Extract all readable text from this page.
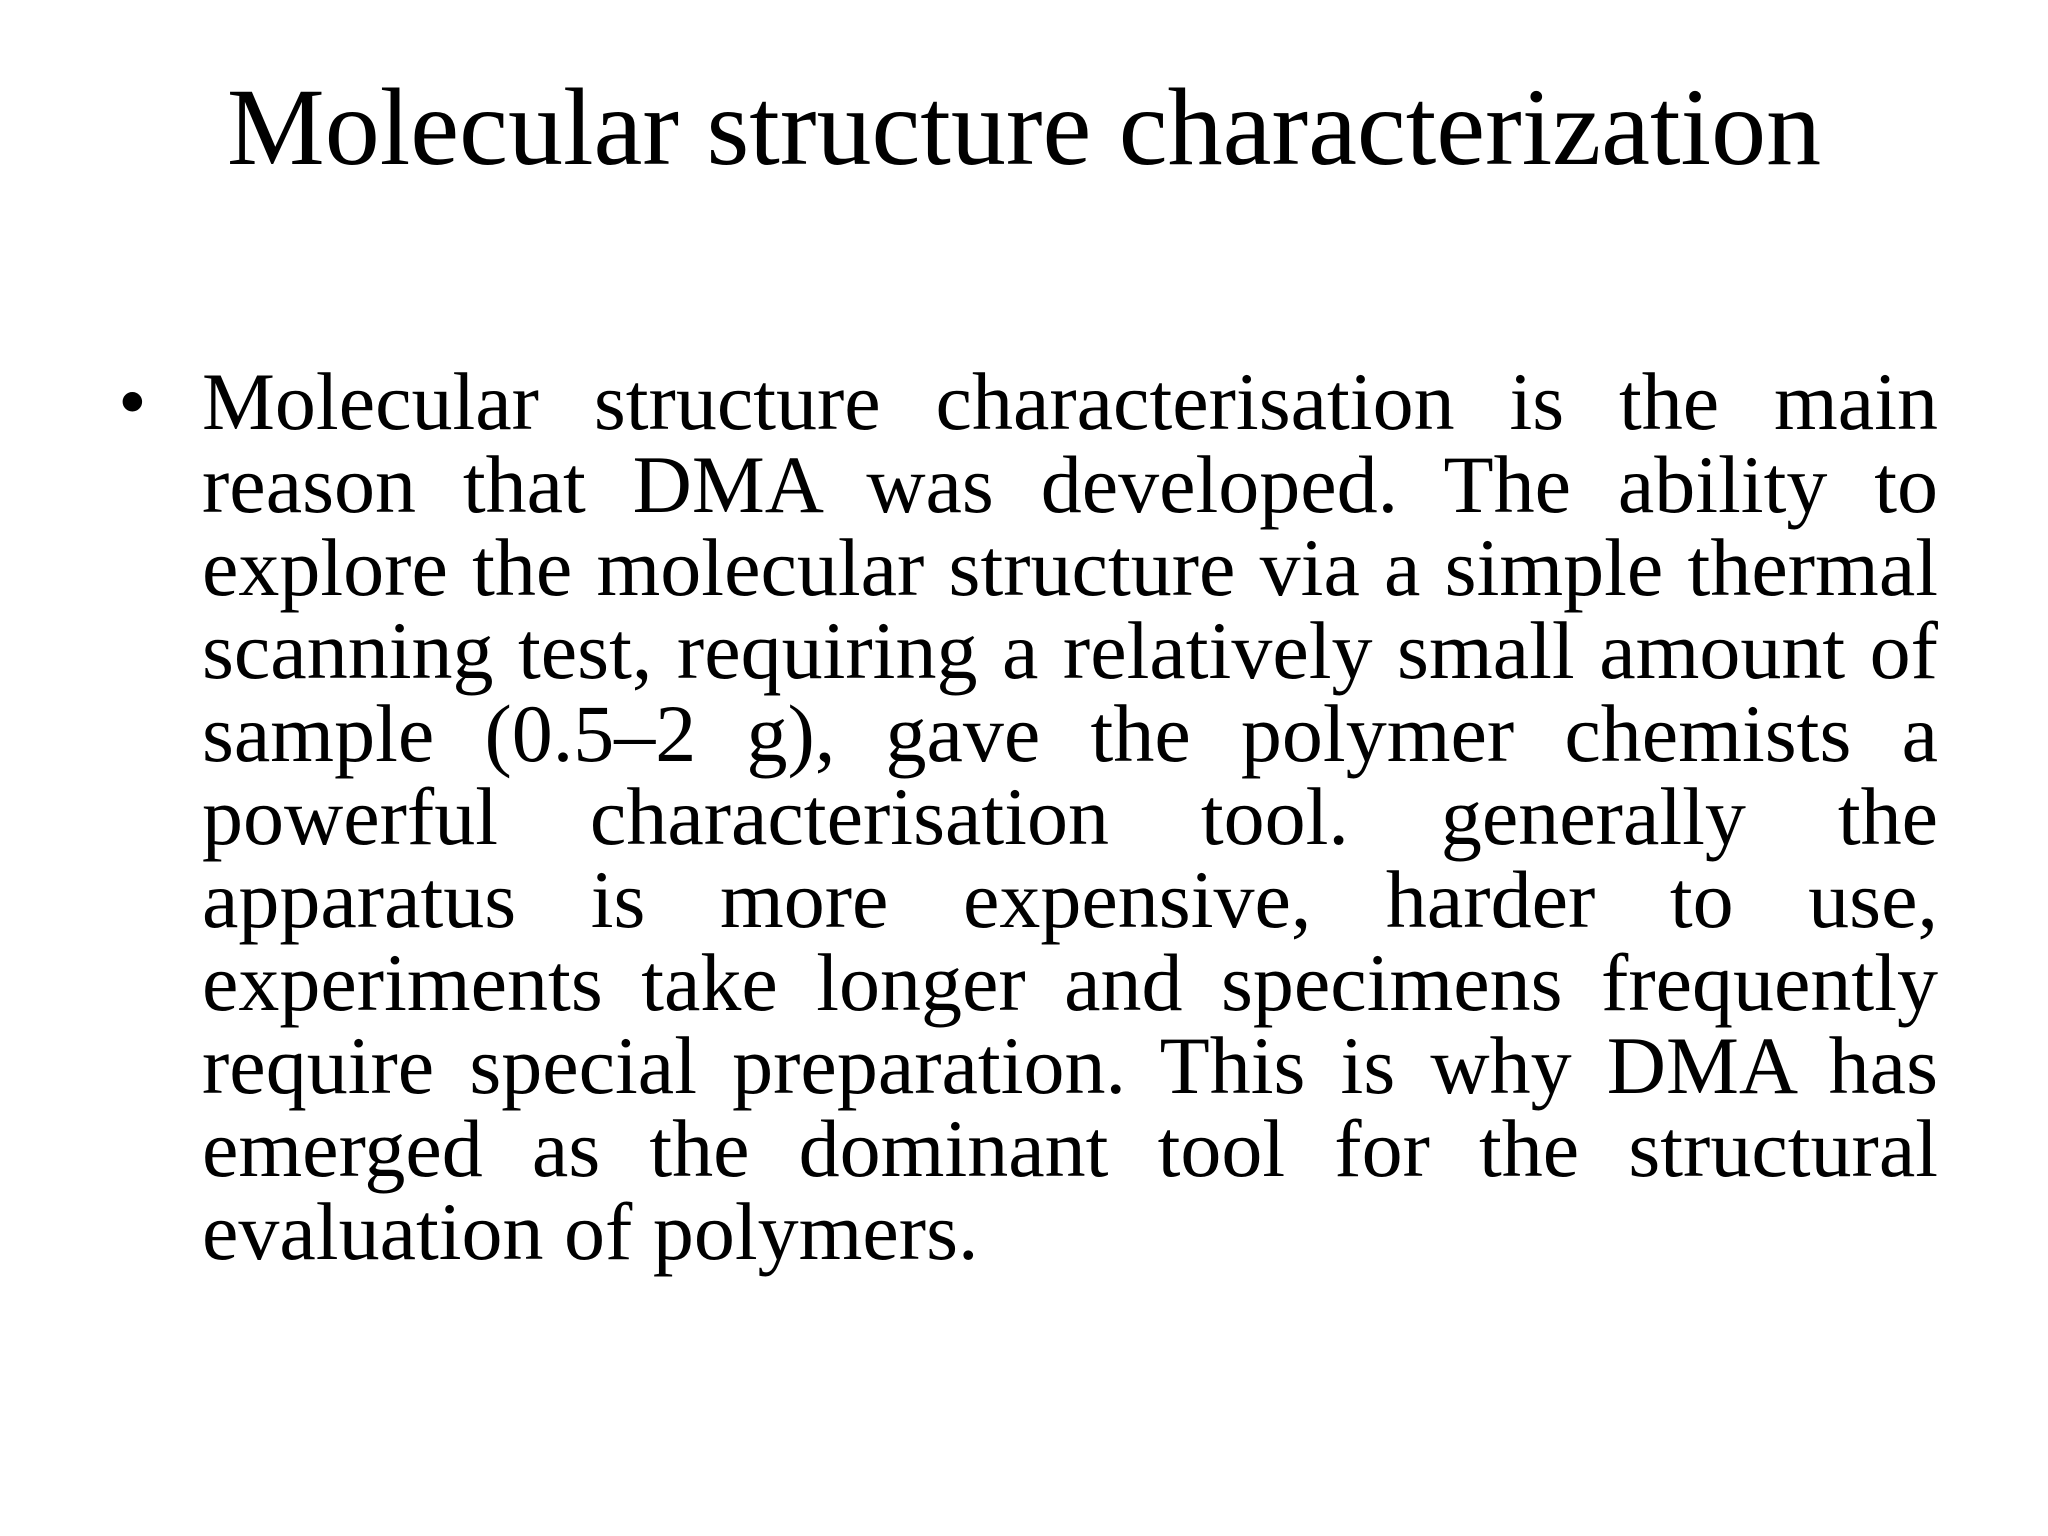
Molecular structure characterization
• Molecular structure characterisation is the main reason that DMA was developed. The ability to explore the molecular structure via a simple thermal scanning test, requiring a relatively small amount of sample (0.5–2 g), gave the polymer chemists a powerful characterisation tool. generally the apparatus is more expensive, harder to use, experiments take longer and specimens frequently require special preparation. This is why DMA has emerged as the dominant tool for the structural evaluation of polymers.
